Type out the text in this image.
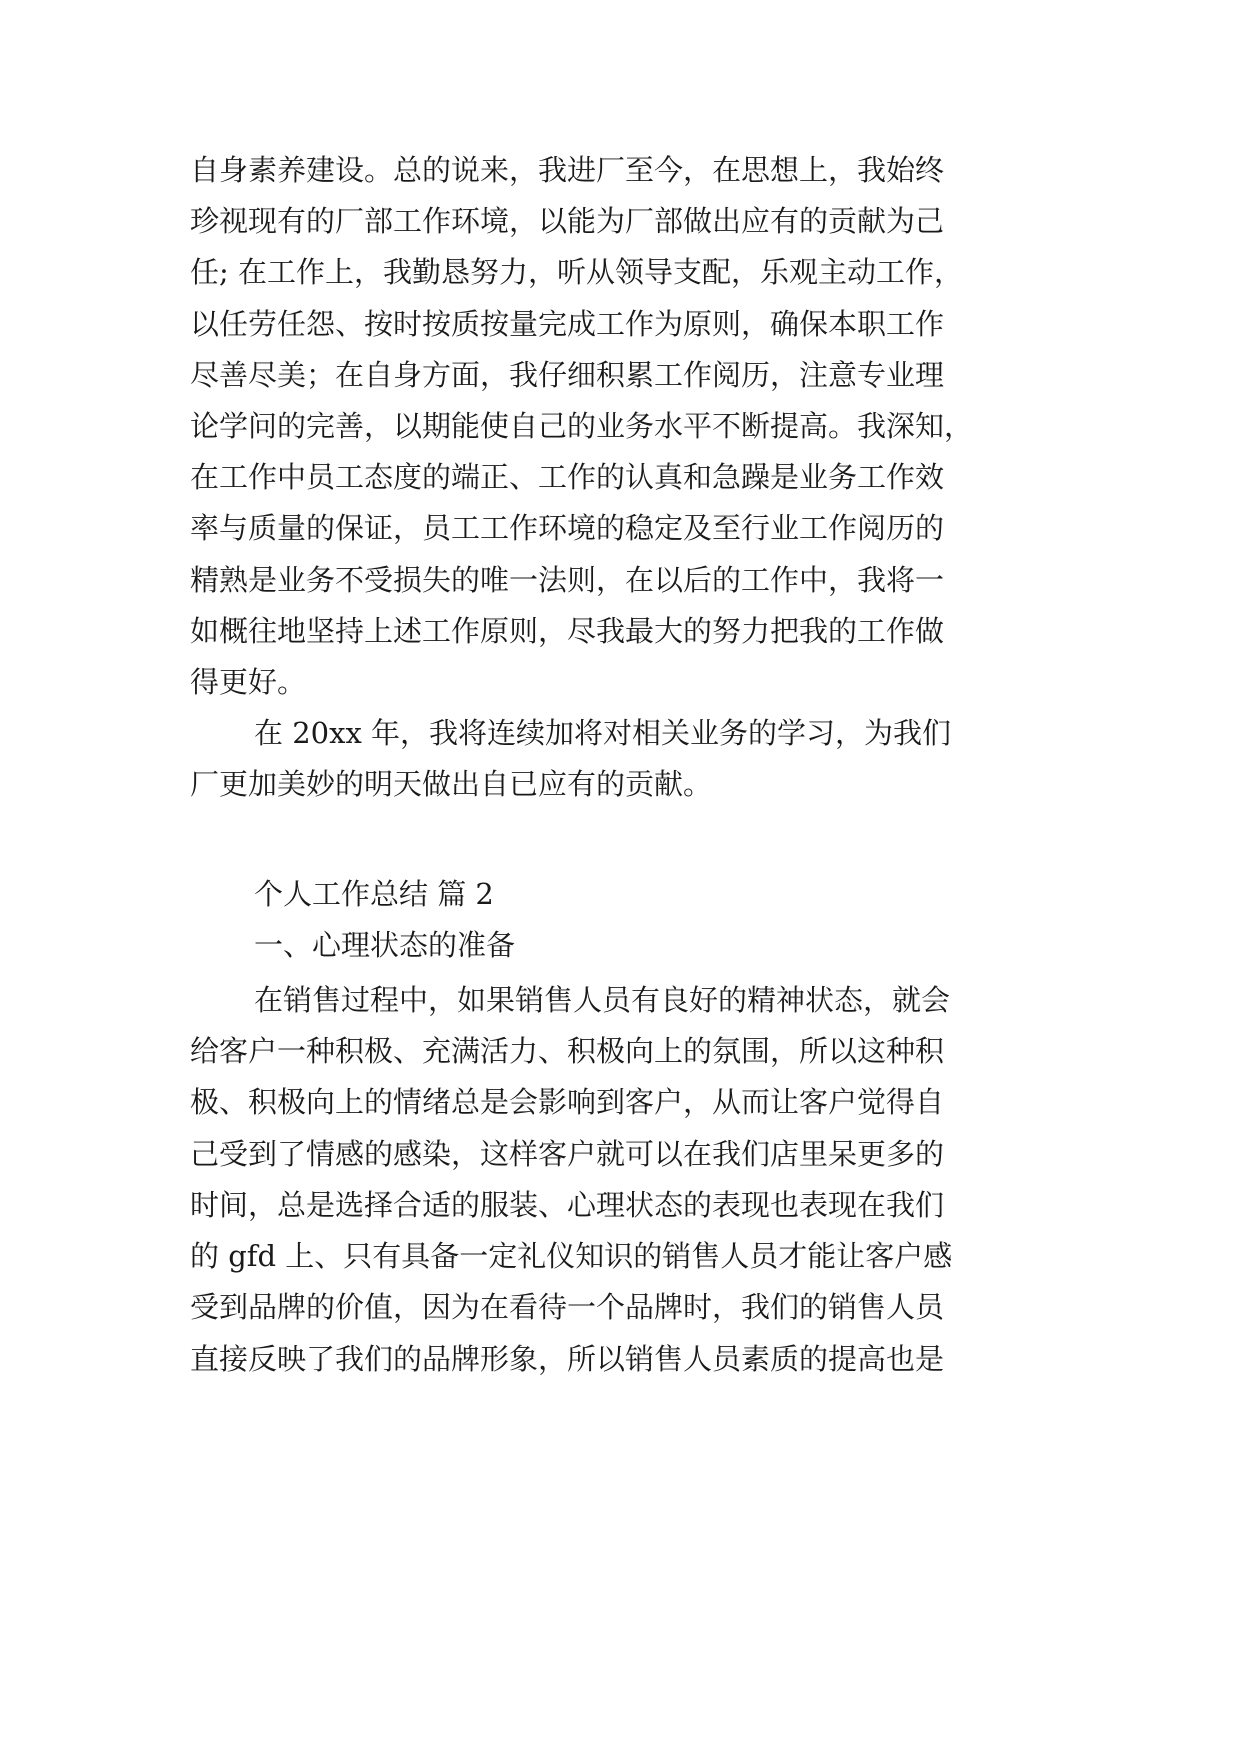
自身素养建设。总的说来，我进厂至今，在思想上，我始终

珍视现有的厂部工作环境，以能为厂部做出应有的贡献为己

任; 在工作上，我勤恳努力，听从领导支配，乐观主动工作，

以任劳任怨、按时按质按量完成工作为原则，确保本职工作

尽善尽美；在自身方面，我仔细积累工作阅历，注意专业理

论学问的完善，以期能使自己的业务水平不断提高。我深知，

在工作中员工态度的端正、工作的认真和急躁是业务工作效

率与质量的保证，员工工作环境的稳定及至行业工作阅历的

精熟是业务不受损失的唯一法则，在以后的工作中，我将一

如概往地坚持上述工作原则，尽我最大的努力把我的工作做

得更好。

在 20xx 年，我将连续加将对相关业务的学习，为我们

厂更加美妙的明天做出自已应有的贡献。

个人工作总结 篇 2
一、心理状态的准备

在销售过程中，如果销售人员有良好的精神状态，就会

给客户一种积极、充满活力、积极向上的氛围，所以这种积

极、积极向上的情绪总是会影响到客户，从而让客户觉得自

己受到了情感的感染，这样客户就可以在我们店里呆更多的

时间，总是选择合适的服装、心理状态的表现也表现在我们

的 gfd 上、只有具备一定礼仪知识的销售人员才能让客户感

受到品牌的价值，因为在看待一个品牌时，我们的销售人员

直接反映了我们的品牌形象，所以销售人员素质的提高也是
